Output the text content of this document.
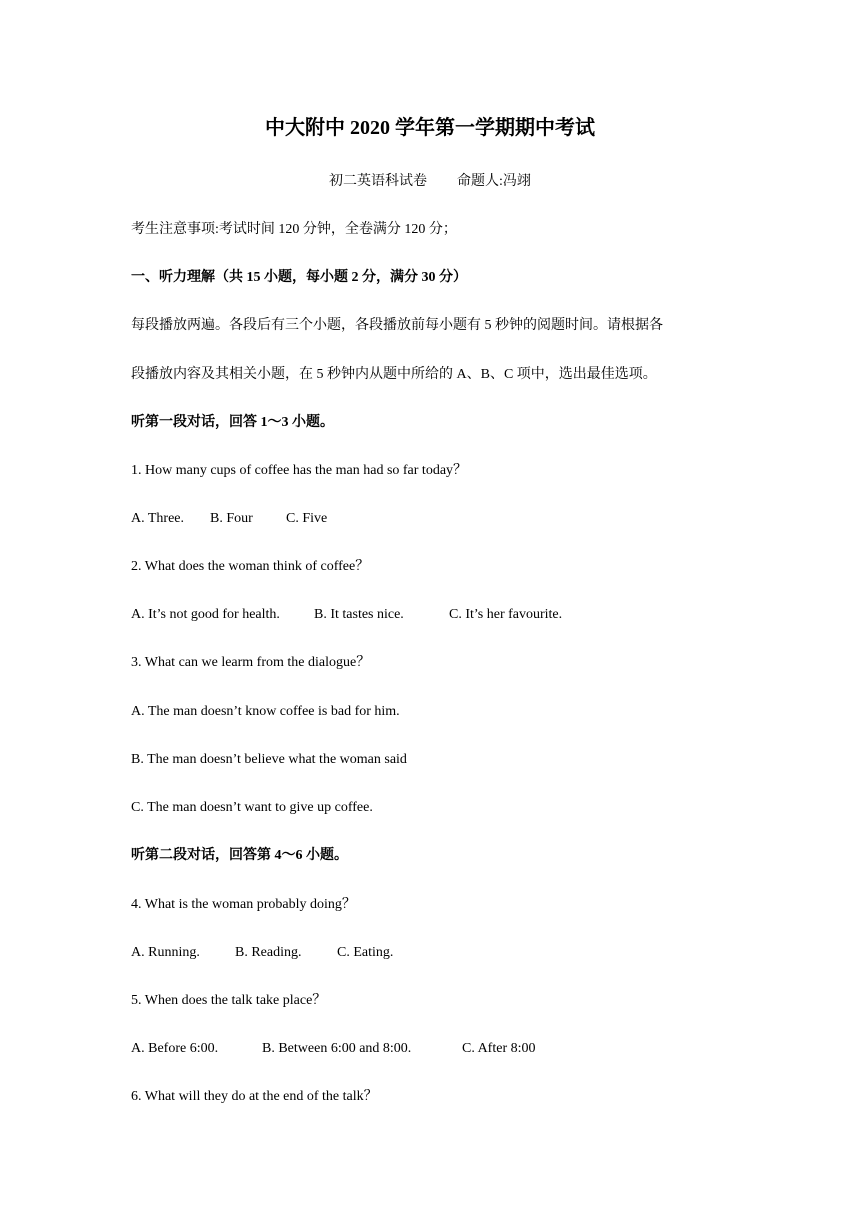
中大附中 2020 学年第一学期期中考试
初二英语科试卷 命题人:冯翊
考生注意事项:考试时间 120 分钟，全卷满分 120 分；
一、听力理解（共 15 小题，每小题 2 分，满分 30 分）
每段播放两遍。各段后有三个小题，各段播放前每小题有 5 秒钟的阅题时间。请根据各
段播放内容及其相关小题，在 5 秒钟内从题中所给的 A、B、C 项中，选出最佳选项。
听第一段对话，回答 1～3 小题。
1. How many cups of coffee has the man had so far today？
A. Three. B. Four C. Five
2. What does the woman think of coffee？
A. It’s not good for health. B. It tastes nice.	C. It’s her favourite.
3. What can we learm from the dialogue？
A. The man doesn’t know coffee is bad for him.
B. The man doesn’t believe what the woman said
C. The man doesn’t want to give up coffee.
听第二段对话，回答第 4～6 小题。
4. What is the woman probably doing？
A. Running.	B. Reading.	C. Eating.
5. When does the talk take place？
A. Before 6:00.	B. Between 6:00 and 8:00.	C. After 8:00
6. What will they do at the end of the talk？
